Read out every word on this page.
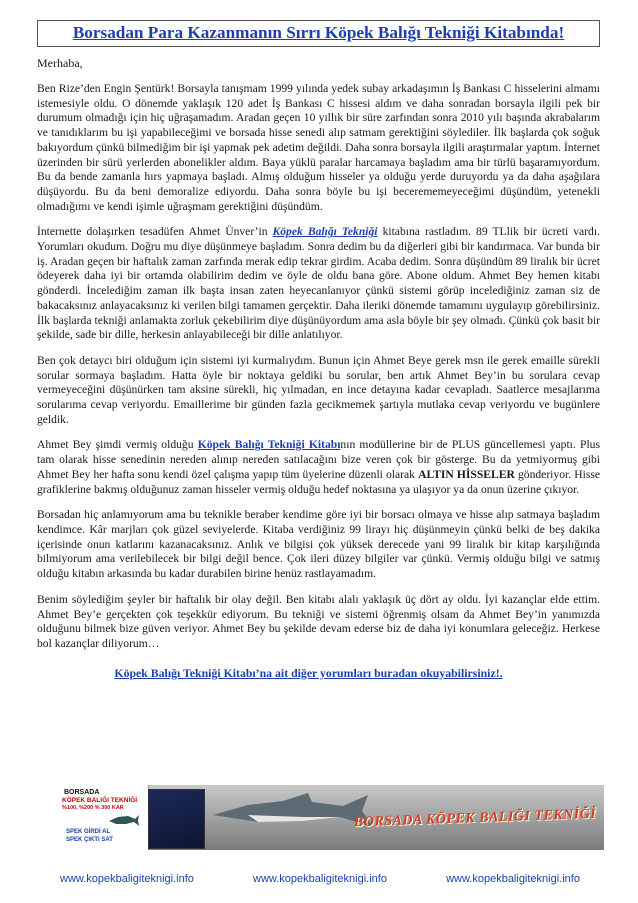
Borsadan Para Kazanmanın Sırrı Köpek Balığı Tekniği Kitabında!
Merhaba,

Ben Rize’den Engin Şentürk! Borsayla tanışmam 1999 yılında yedek subay arkadaşımın İş Bankası C hisselerini almamı istemesiyle oldu. O dönemde yaklaşık 120 adet İş Bankası C hissesi aldım ve daha sonradan borsayla ilgili pek bir durumum olmadığı için hiç uğraşamadım. Aradan geçen 10 yıllık bir süre zarfından sonra 2010 yılı başında akrabalarım ve tanıdıklarım bu işi yapabileceğimi ve borsada hisse senedi alıp satmam gerektiğini söylediler. İlk başlarda çok soğuk bakıyordum çünkü bilmediğim bir işi yapmak pek adetim değildi. Daha sonra borsayla ilgili araştırmalar yaptım. İnternet üzerinden bir sürü yerlerden abonelikler aldım. Baya yüklü paralar harcamaya başladım ama bir türlü başaramıyordum. Bu da bende zamanla hırs yapmaya başladı. Almış olduğum hisseler ya olduğu yerde duruyordu ya da daha aşağılara düşüyordu. Bu da beni demoralize ediyordu. Daha sonra böyle bu işi becerememeyeceğimi düşündüm, yetenekli olmadığımı ve kendi işimle uğraşmam gerektiğini düşündüm.

İnternette dolaşırken tesadüfen Ahmet Ünver’in Köpek Balığı Tekniği kitabına rastladım. 89 TLlik bir ücreti vardı. Yorumları okudum. Doğru mu diye düşünmeye başladım. Sonra dedim bu da diğerleri gibi bir kandırmaca. Var bunda bir iş. Aradan geçen bir haftalık zaman zarfında merak edip tekrar girdim. Acaba dedim. Sonra düşündüm 89 liralık bir ücret ödeyerek daha iyi bir ortamda olabilirim dedim ve öyle de oldu bana göre. Abone oldum. Ahmet Bey hemen kitabı gönderdi. İncelediğim zaman ilk başta insan zaten heyecanlanıyor çünkü sistemi görüp incelediğiniz zaman siz de bakacaksınız anlayacaksınız ki verilen bilgi tamamen gerçektir. Daha ileriki dönemde tamamını uygulayıp görebilirsiniz. İlk başlarda tekniği anlamakta zorluk çekebilirim diye düşünüyordum ama asla böyle bir şey olmadı. Çünkü çok basit bir şekilde, sade bir dille, herkesin anlayabileceği bir dille anlatılıyor.

Ben çok detaycı biri olduğum için sistemi iyi kurmalıydım. Bunun için Ahmet Beye gerek msn ile gerek emaille sürekli sorular sormaya başladım. Hatta öyle bir noktaya geldiki bu sorular, ben artık Ahmet Bey’in bu sorulara cevap vermeyeceğini düşünürken tam aksine sürekli, hiç yılmadan, en ince detayına kadar cevapladı. Saatlerce mesajlarıma sorularıma cevap veriyordu. Emaillerime bir günden fazla gecikmemek şartıyla mutlaka cevap veriyordu ve bugünlere geldik.

Ahmet Bey şimdi vermiş olduğu Köpek Balığı Tekniği Kitabının modüllerine bir de PLUS güncellemesi yaptı. Plus tam olarak hisse senedinin nereden alınıp nereden satılacağını bize veren çok bir gösterge. Bu da yetmiyormuş gibi Ahmet Bey her hafta sonu kendi özel çalışma yapıp tüm üyelerine düzenli olarak ALTIN HİSSELER gönderiyor. Hisse grafiklerine bakmış olduğunuz zaman hisseler vermiş olduğu hedef noktasına ya ulaşıyor ya da onun üzerine çıkıyor.

Borsadan hiç anlamıyorum ama bu teknikle beraber kendime göre iyi bir borsacı olmaya ve hisse alıp satmaya başladım kendimce. Kâr marjları çok güzel seviyelerde. Kitaba verdiğiniz 99 lirayı hiç düşünmeyin çünkü belki de beş dakika içerisinde onun katlarını kazanacaksınız. Anlık ve bilgisi çok yüksek derecede yani 99 liralık bir kitap karşılığında bilmiyorum ama verilebilecek bir bilgi değil bence. Çok ileri düzey bilgiler var çünkü. Vermiş olduğu bilgi ve satmış olduğu kitabın arkasında bu kadar durabilen birine henüz rastlayamadım.

Benim söylediğim şeyler bir haftalık bir olay değil. Ben kitabı alalı yaklaşık üç dört ay oldu. İyi kazançlar elde ettim. Ahmet Bey’e gerçekten çok teşekkür ediyorum. Bu tekniği ve sistemi öğrenmiş olsam da Ahmet Bey’in yanımızda olduğunu bilmek bize güven veriyor. Ahmet Bey bu şekilde devam ederse biz de daha iyi konumlara geleceğiz. Herkese bol kazançlar diliyorum…

Köpek Balığı Tekniği Kitabı’na ait diğer yorumları buradan okuyabilirsiniz!.
BORSADA
KÖPEK BALIĞI TEKNİĞİ
%100, %200 % 300 KAR
SPEK GİRDİ AL
SPEK ÇIKTI SAT
BORSADA KÖPEK BALIĞI TEKNİĞİ
www.kopekbaligiteknigi.info	www.kopekbaligiteknigi.info	www.kopekbaligiteknigi.info
